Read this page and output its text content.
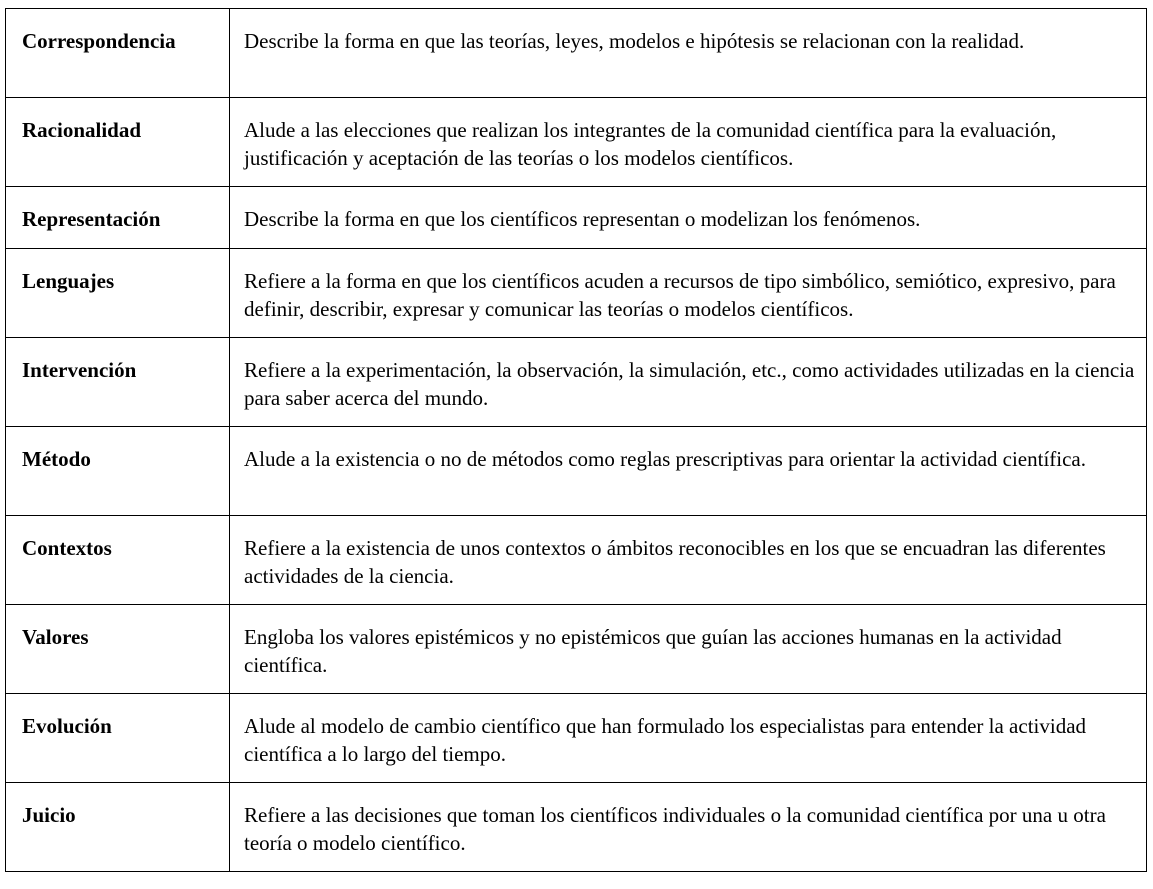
Correspondencia	Describe la forma en que las teorías, leyes, modelos e hipótesis se relacionan con la realidad.
Racionalidad	Alude a las elecciones que realizan los integrantes de la comunidad científica para la evaluación, justificación y aceptación de las teorías o los modelos científicos.
Representación	Describe la forma en que los científicos representan o modelizan los fenómenos.
Lenguajes	Refiere a la forma en que los científicos acuden a recursos de tipo simbólico, semiótico, expresivo, para definir, describir, expresar y comunicar las teorías o modelos científicos.
Intervención	Refiere a la experimentación, la observación, la simulación, etc., como actividades utilizadas en la ciencia para saber acerca del mundo.
Método	Alude a la existencia o no de métodos como reglas prescriptivas para orientar la actividad científica.
Contextos	Refiere a la existencia de unos contextos o ámbitos reconocibles en los que se encuadran las diferentes actividades de la ciencia.
Valores	Engloba los valores epistémicos y no epistémicos que guían las acciones humanas en la actividad científica.
Evolución	Alude al modelo de cambio científico que han formulado los especialistas para entender la actividad científica a lo largo del tiempo.
Juicio	Refiere a las decisiones que toman los científicos individuales o la comunidad científica por una u otra teoría o modelo científico.
